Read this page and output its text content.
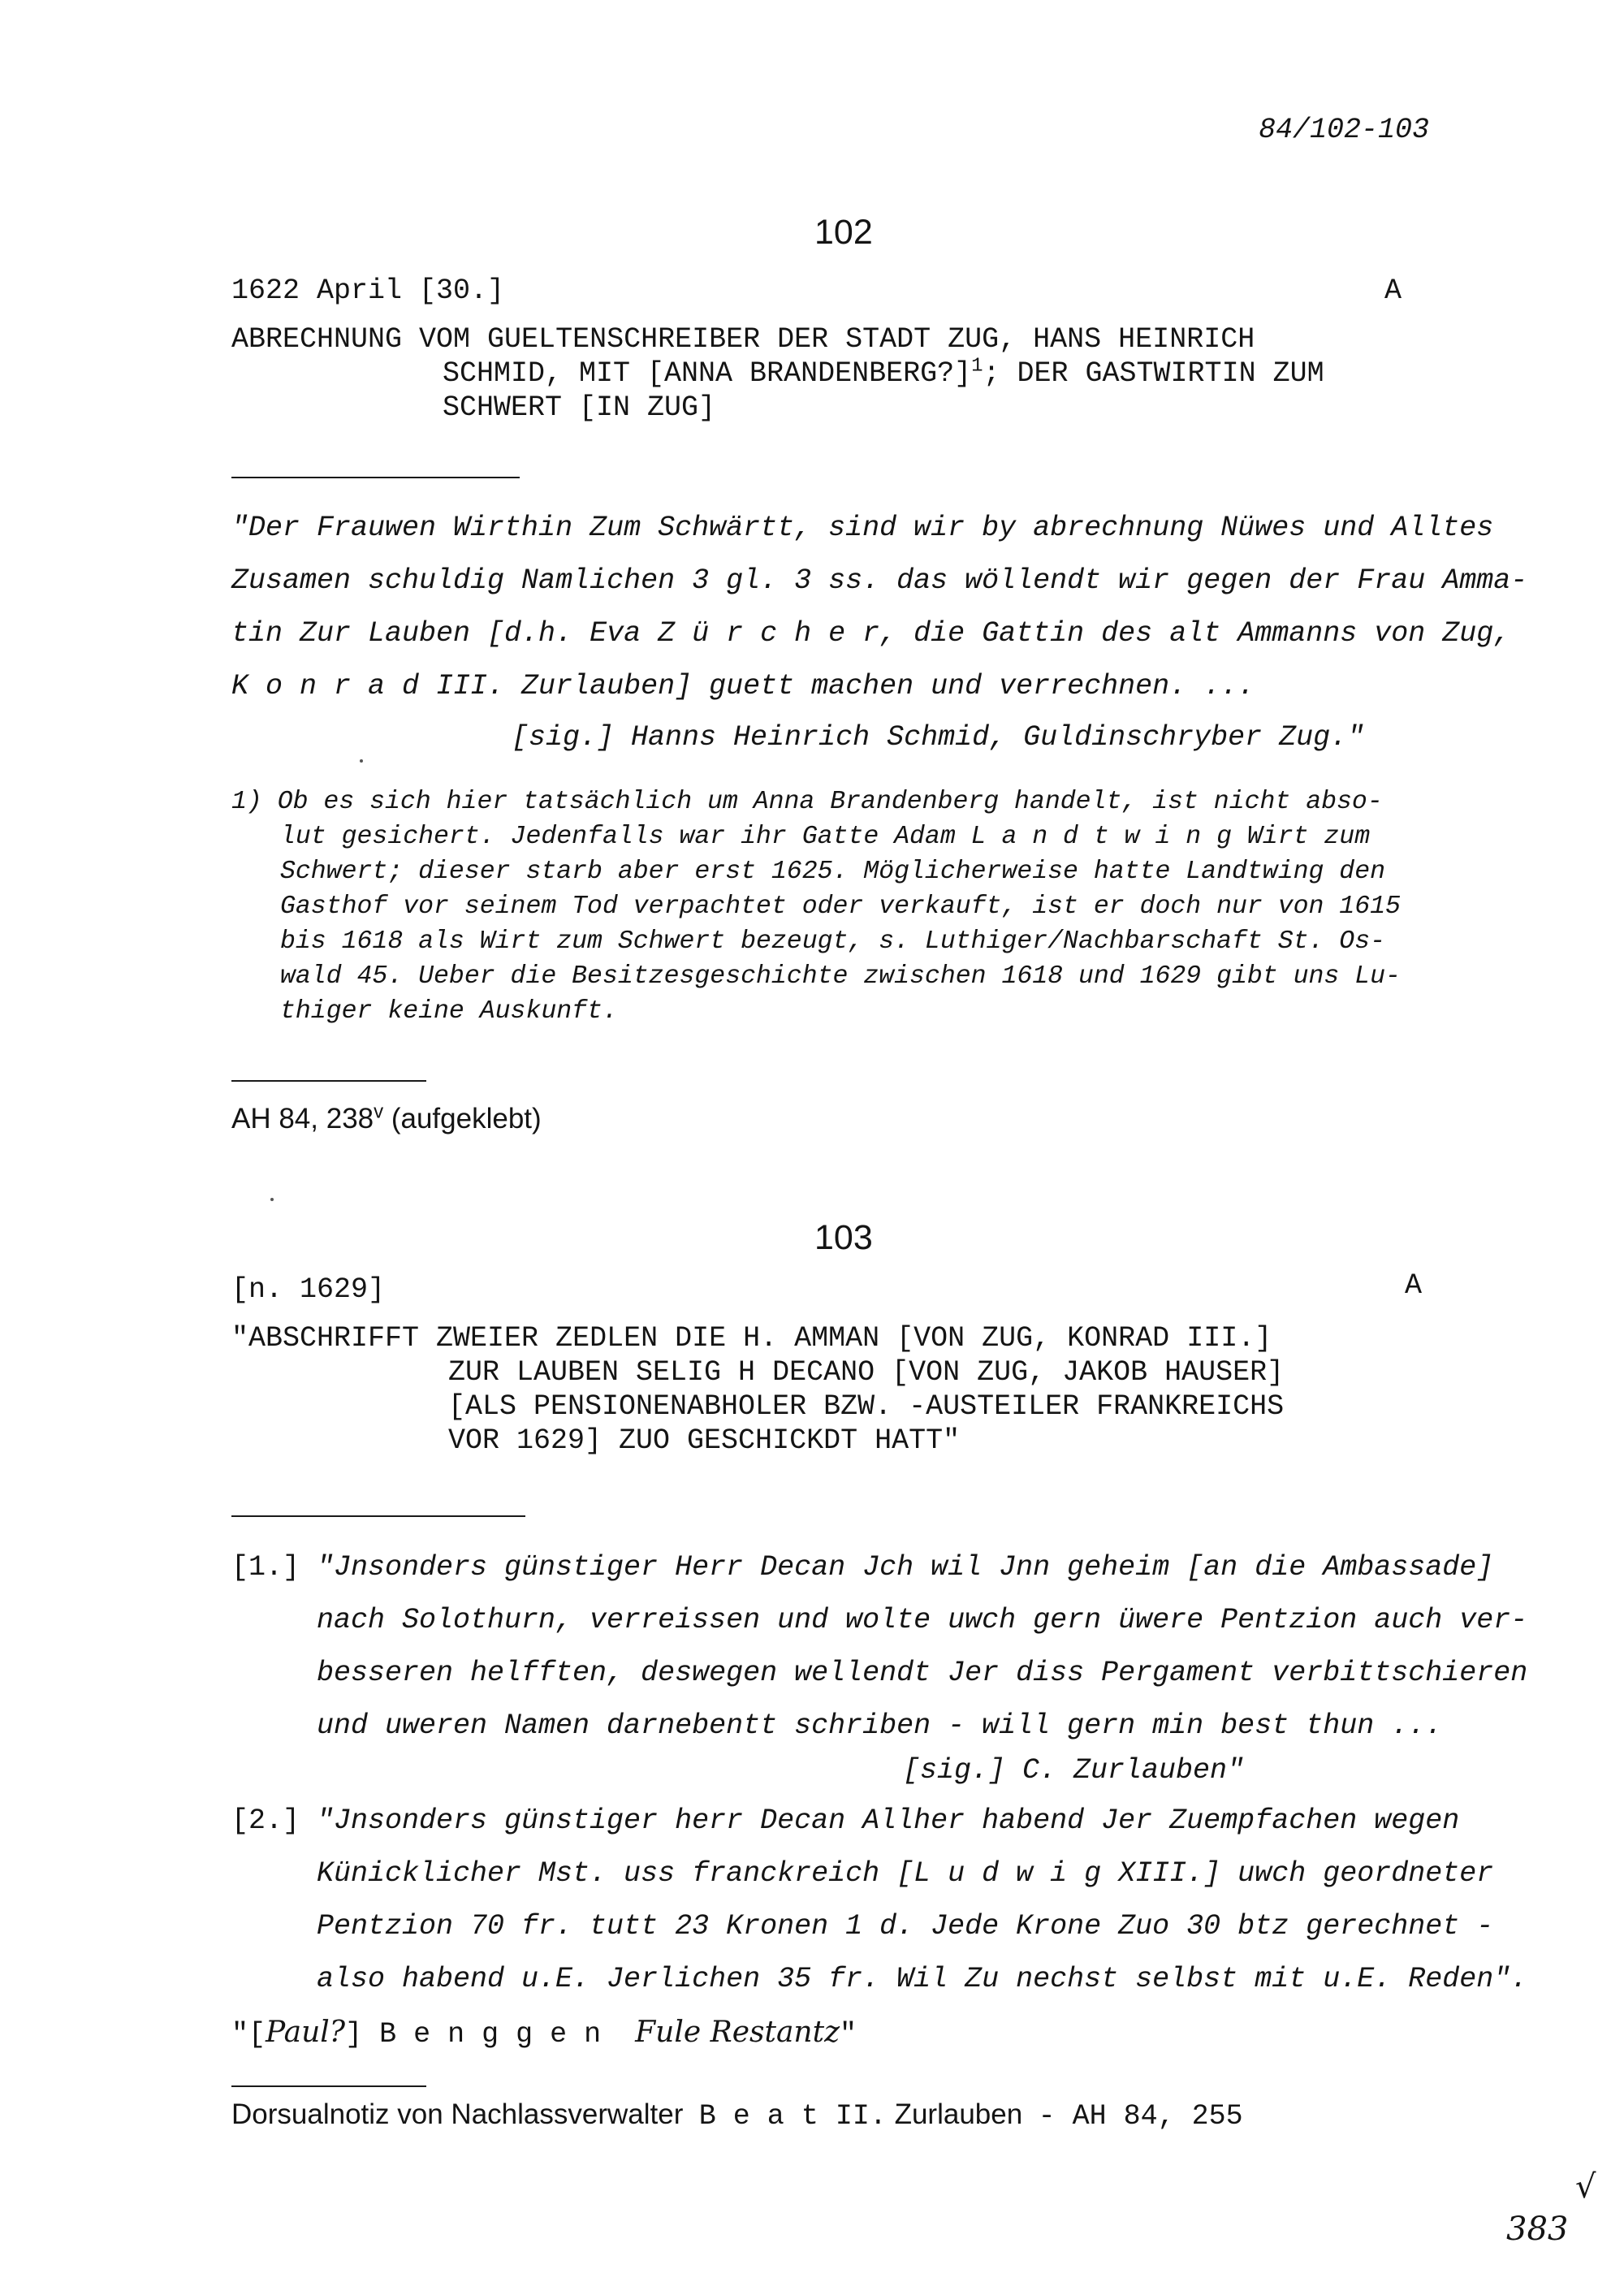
84/102-103
102
1622 April [30.]	A
ABRECHNUNG VOM GUELTENSCHREIBER DER STADT ZUG, HANS HEINRICH
SCHMID, MIT [ANNA BRANDENBERG?]$^1$; DER GASTWIRTIN ZUM
SCHWERT [IN ZUG]
"Der Frauwen Wirthin Zum Schwärtt, sind wir by abrechnung Nüwes und Alltes
Zusamen schuldig Namlichen 3 gl. 3 ss. das wöllendt wir gegen der Frau Amma-
tin Zur Lauben [d.h. Eva Z ü r c h e r, die Gattin des alt Ammanns von Zug,
K o n r a d III. Zurlauben] guett machen und verrechnen. ...
[sig.] Hanns Heinrich Schmid, Guldinschryber Zug."
1) Ob es sich hier tatsächlich um Anna Brandenberg handelt, ist nicht abso-
lut gesichert. Jedenfalls war ihr Gatte Adam L a n d t w i n g Wirt zum
Schwert; dieser starb aber erst 1625. Möglicherweise hatte Landtwing den
Gasthof vor seinem Tod verpachtet oder verkauft, ist er doch nur von 1615
bis 1618 als Wirt zum Schwert bezeugt, s. Luthiger/Nachbarschaft St. Os-
wald 45. Ueber die Besitzesgeschichte zwischen 1618 und 1629 gibt uns Lu-
thiger keine Auskunft.
AH 84, 238$^v$ (aufgeklebt)
103
[n. 1629]	A
"ABSCHRIFFT ZWEIER ZEDLEN DIE H. AMMAN [VON ZUG, KONRAD III.]
ZUR LAUBEN SELIG H DECANO [VON ZUG, JAKOB HAUSER]
[ALS PENSIONENABHOLER BZW. -AUSTEILER FRANKREICHS
VOR 1629] ZUO GESCHICKDT HATT"
[1.] "Jnsonders günstiger Herr Decan Jch wil Jnn geheim [an die Ambassade]
nach Solothurn, verreissen und wolte uwch gern üwere Pentzion auch ver-
besseren helfften, deswegen wellendt Jer diss Pergament verbittschieren
und uweren Namen darnebentt schriben - will gern min best thun ...
[sig.] C. Zurlauben"
[2.] "Jnsonders günstiger herr Decan Allher habend Jer Zuempfachen wegen
Künicklicher Mst. uss franckreich [L u d w i g XIII.] uwch geordneter
Pentzion 70 fr. tutt 23 Kronen 1 d. Jede Krone Zuo 30 btz gerechnet -
also habend u.E. Jerlichen 35 fr. Wil Zu nechst selbst mit u.E. Reden".
"[Paul?] B e n g g e n Fule Restantz"
Dorsualnotiz von Nachlassverwalter B e a t II. Zurlauben - AH 84, 255
√
383
